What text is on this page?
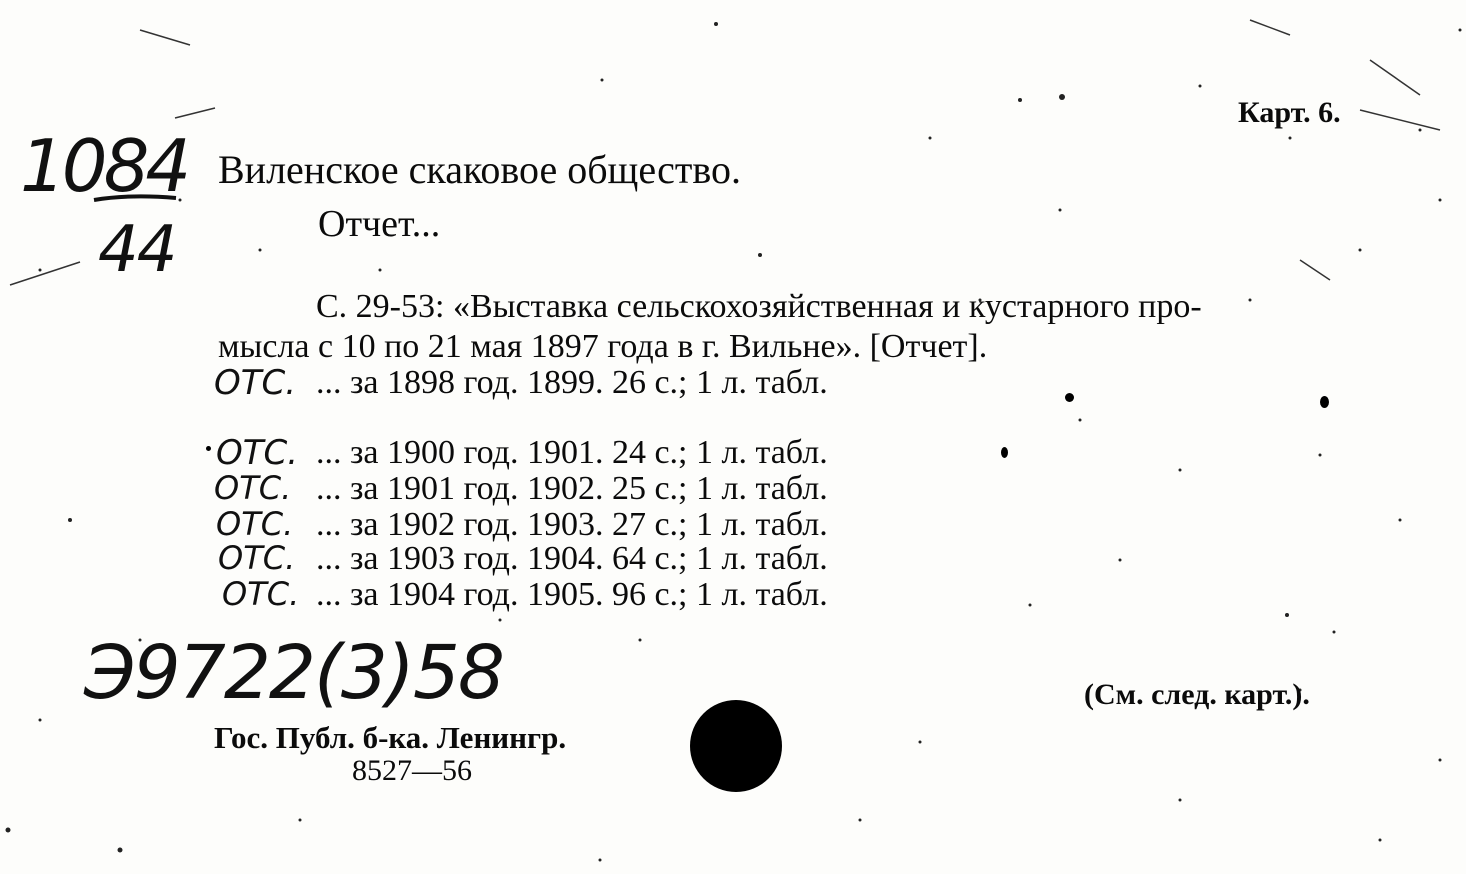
Карт. 6.
1084
44
Виленское скаковое общество.
Отчет...
С. 29-53: «Выставка сельскохозяйственная и кустарного про-
мысла с 10 по 21 мая 1897 года в г. Вильне». [Отчет].
ОТС. ... за 1898 год. 1899. 26 с.; 1 л. табл.
ОТС. ... за 1900 год. 1901. 24 с.; 1 л. табл.
ОТС. ... за 1901 год. 1902. 25 с.; 1 л. табл.
ОТС. ... за 1902 год. 1903. 27 с.; 1 л. табл.
ОТС. ... за 1903 год. 1904. 64 с.; 1 л. табл.
ОТС. ... за 1904 год. 1905. 96 с.; 1 л. табл.
Э9722(3)58	(См. след. карт.).
Гос. Публ. б-ка. Ленингр.
8527—56
